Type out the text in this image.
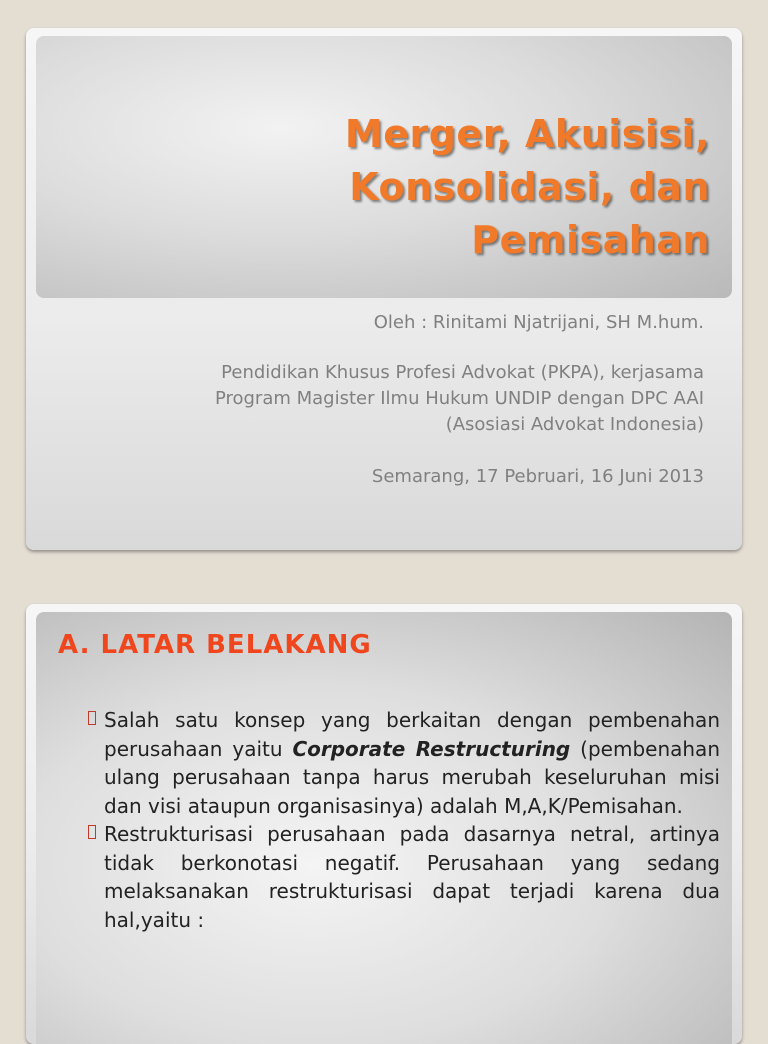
Merger, Akuisisi,
Konsolidasi, dan
Pemisahan

Oleh : Rinitami Njatrijani, SH M.hum.

Pendidikan Khusus Profesi Advokat (PKPA), kerjasama
Program Magister Ilmu Hukum UNDIP dengan DPC AAI
(Asosiasi Advokat Indonesia)

Semarang, 17 Pebruari, 16 Juni 2013

A. LATAR BELAKANG
Salah satu konsep yang berkaitan dengan pembenahan perusahaan yaitu Corporate Restructuring (pembenahan ulang perusahaan tanpa harus merubah keseluruhan misi dan visi ataupun organisasinya) adalah M,A,K/Pemisahan.
Restrukturisasi perusahaan pada dasarnya netral, artinya tidak berkonotasi negatif. Perusahaan yang sedang melaksanakan restrukturisasi dapat terjadi karena dua hal,yaitu :
